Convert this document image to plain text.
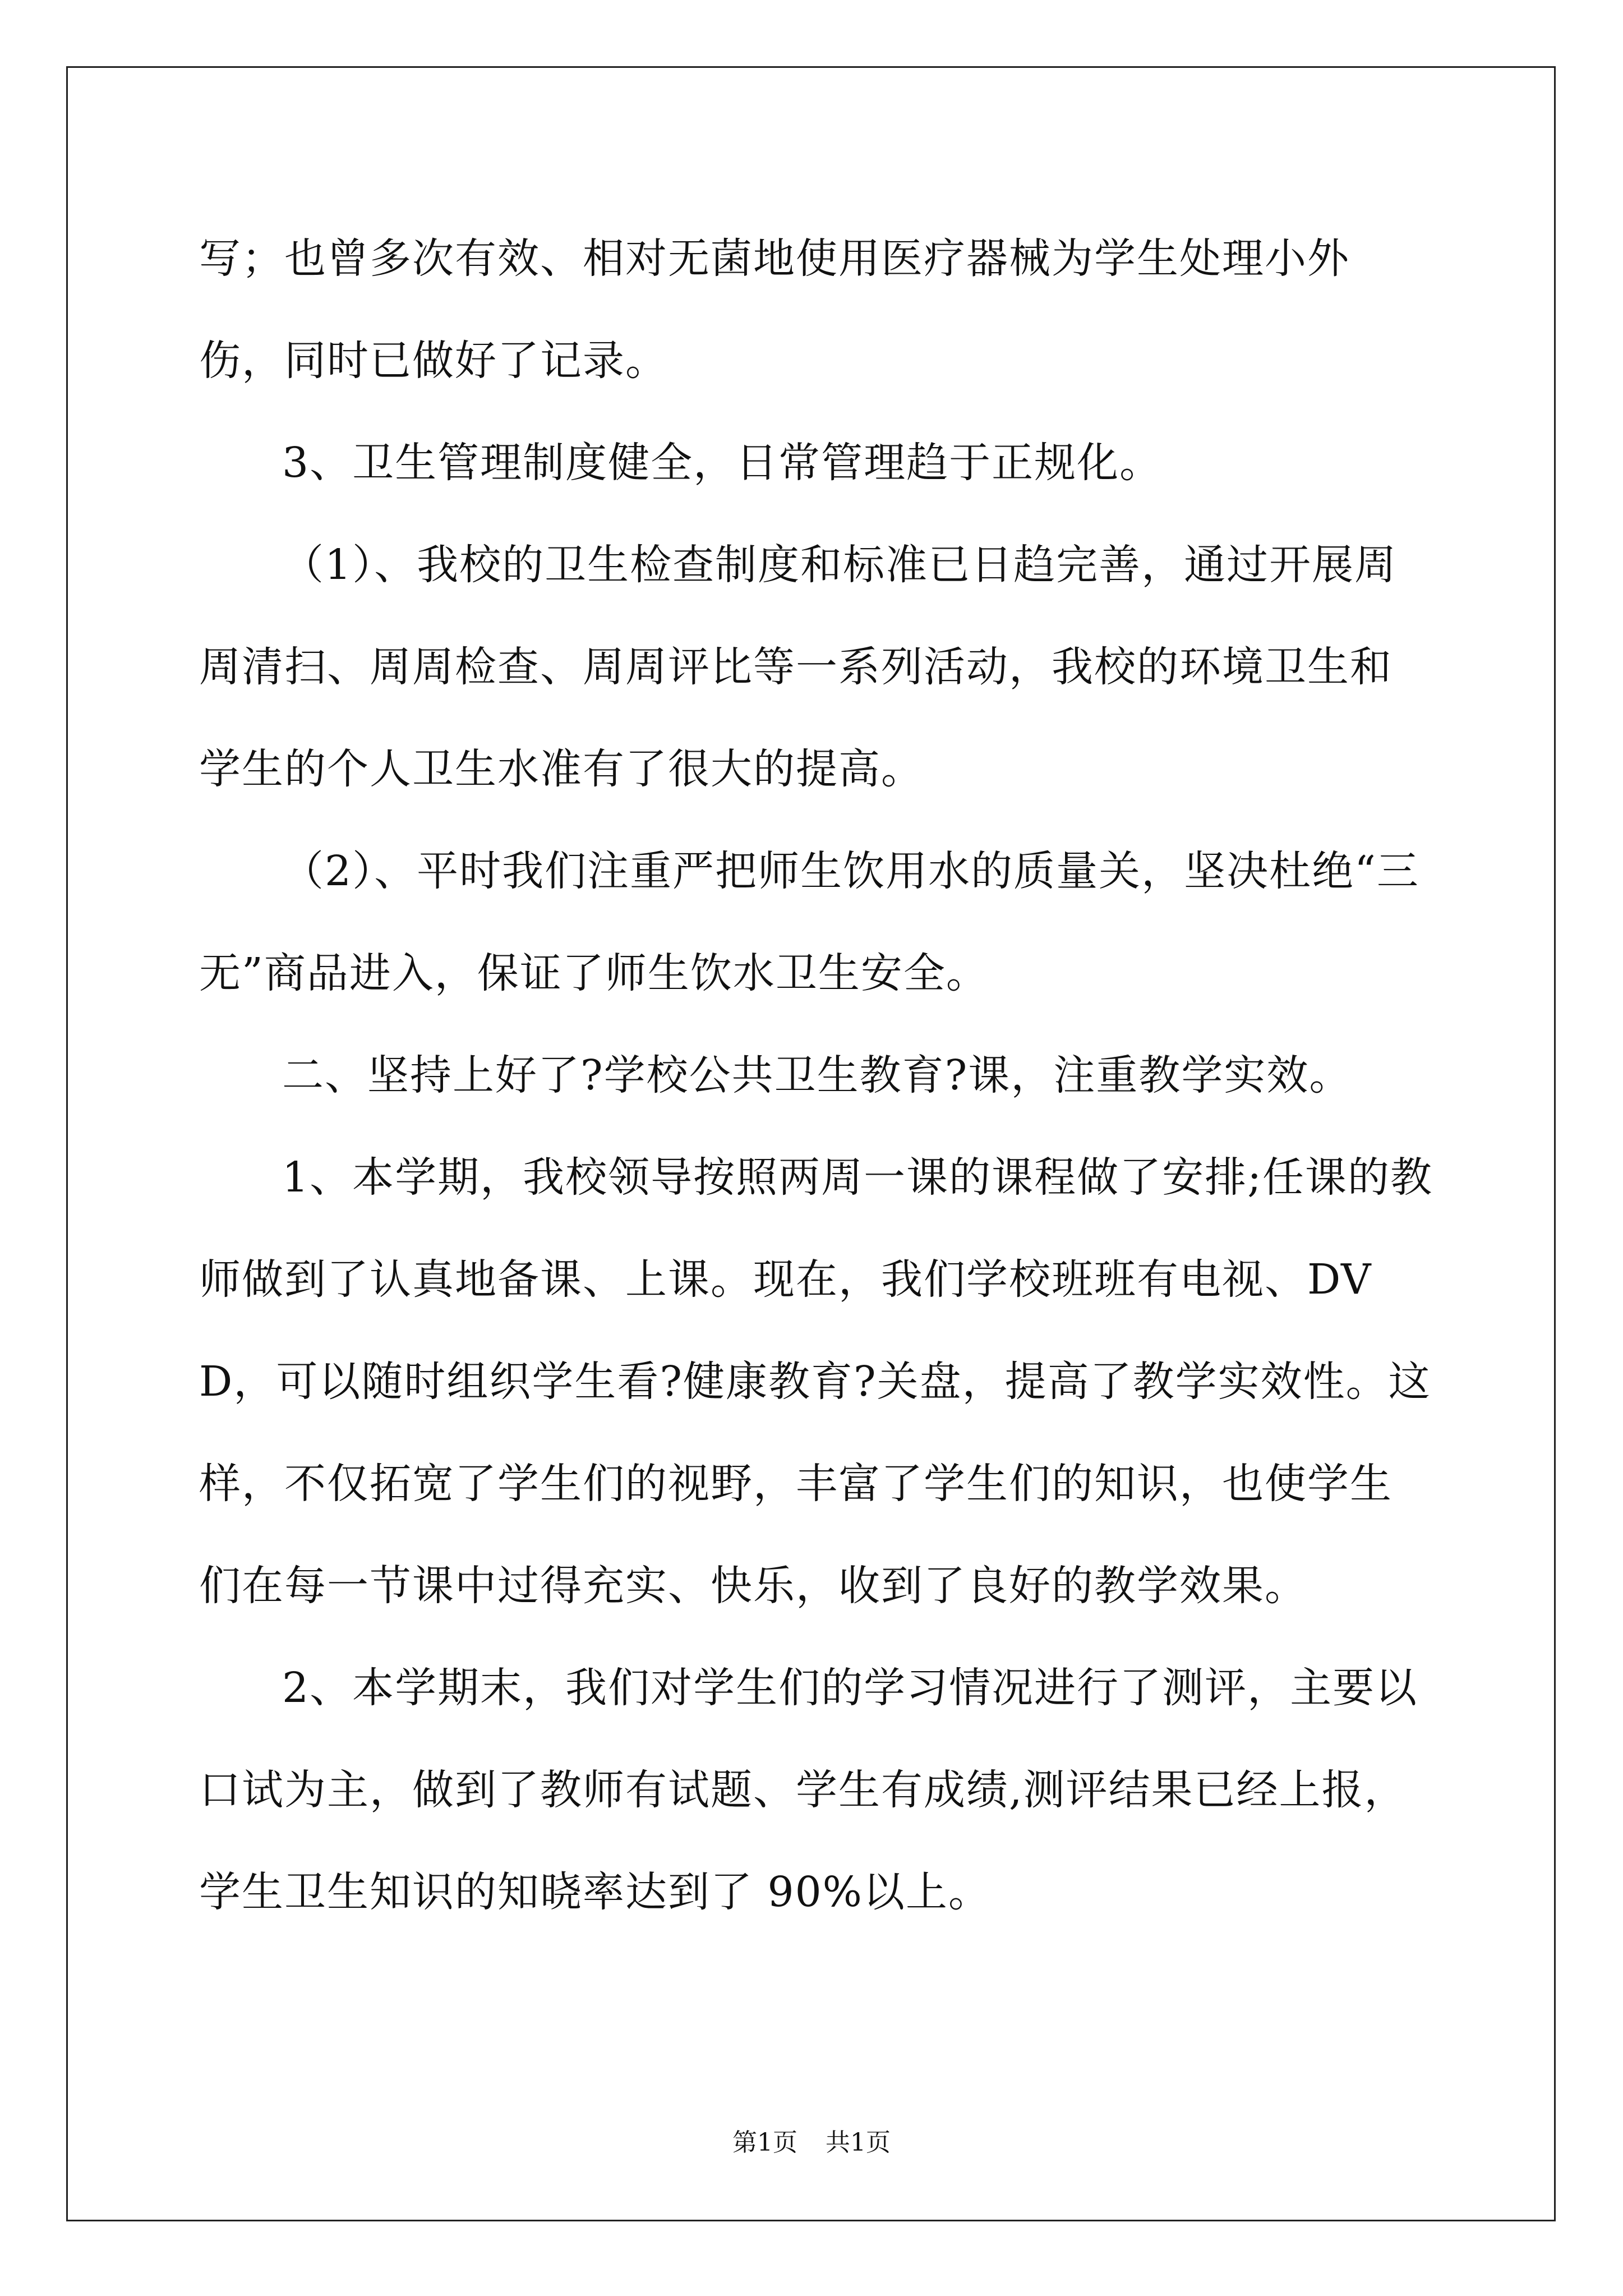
写；也曾多次有效、相对无菌地使用医疗器械为学生处理小外伤，同时已做好了记录。

3、卫生管理制度健全，日常管理趋于正规化。

（1）、我校的卫生检查制度和标准已日趋完善，通过开展周周清扫、周周检查、周周评比等一系列活动，我校的环境卫生和学生的个人卫生水准有了很大的提高。

（2）、平时我们注重严把师生饮用水的质量关，坚决杜绝“三无”商品进入，保证了师生饮水卫生安全。

二、坚持上好了?学校公共卫生教育?课，注重教学实效。

1、本学期，我校领导按照两周一课的课程做了安排;任课的教师做到了认真地备课、上课。现在，我们学校班班有电视、DVD，可以随时组织学生看?健康教育?关盘，提高了教学实效性。这样，不仅拓宽了学生们的视野，丰富了学生们的知识，也使学生们在每一节课中过得充实、快乐，收到了良好的教学效果。

2、本学期末，我们对学生们的学习情况进行了测评，主要以口试为主，做到了教师有试题、学生有成绩,测评结果已经上报，学生卫生知识的知晓率达到了 90%以上。

第1页 共1页
